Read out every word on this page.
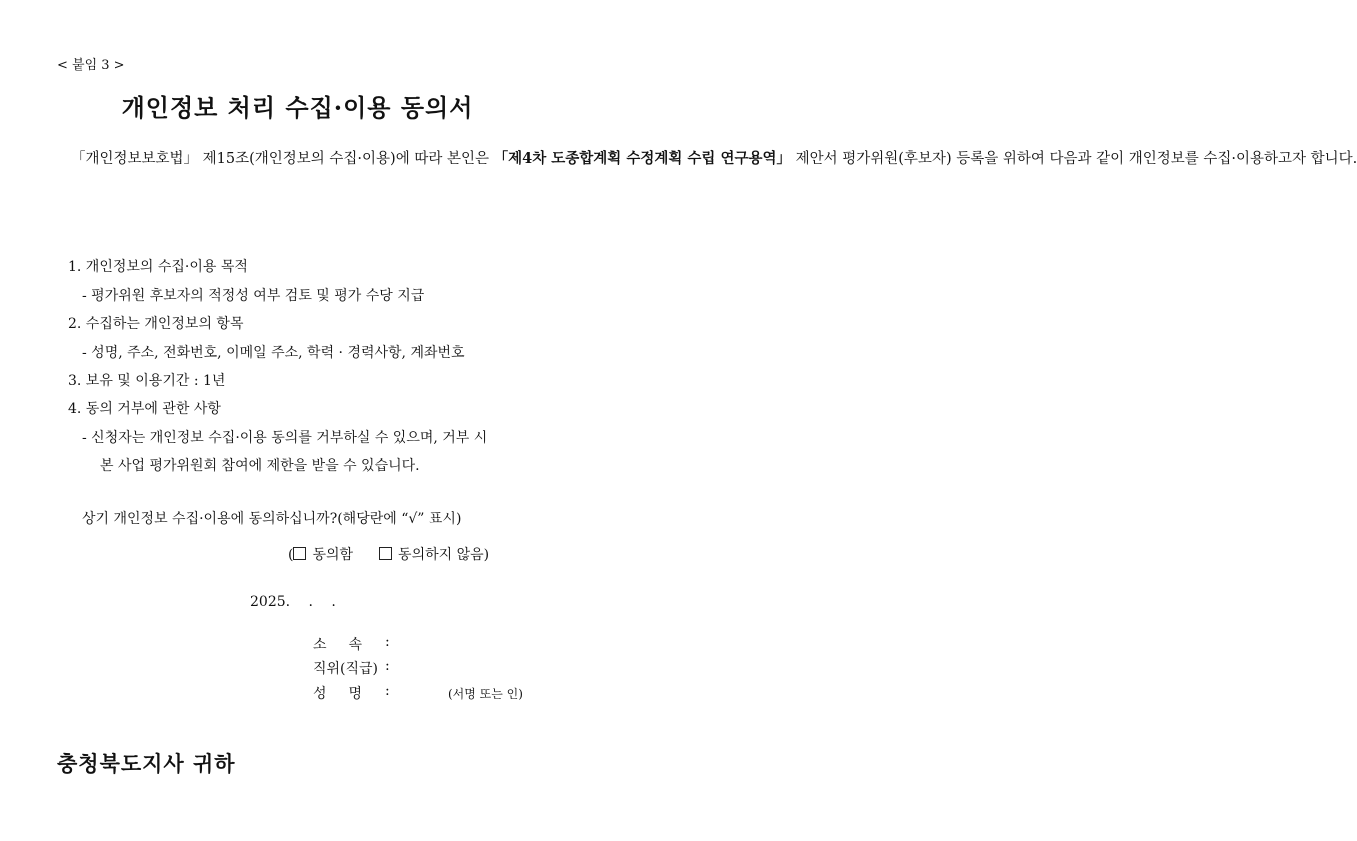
< 붙임 3 >
개인정보 처리 수집·이용 동의서
「개인정보보호법」 제15조(개인정보의 수집·이용)에 따라 본인은 「제4차 도종합계획 수정계획 수립 연구용역」 제안서 평가위원(후보자) 등록을 위하여 다음과 같이 개인정보를 수집·이용하고자 합니다.
1. 개인정보의 수집·이용 목적
- 평가위원 후보자의 적정성 여부 검토 및 평가 수당 지급
2. 수집하는 개인정보의 항목
- 성명, 주소, 전화번호, 이메일 주소, 학력 · 경력사항, 계좌번호
3. 보유 및 이용기간 : 1년
4. 동의 거부에 관한 사항
- 신청자는 개인정보 수집·이용 동의를 거부하실 수 있으며, 거부 시
본 사업 평가위원회 참여에 제한을 받을 수 있습니다.
상기 개인정보 수집·이용에 동의하십니까?(해당란에 “√” 표시)
( 동의함	동의하지 않음)
2025. . .
소속 :
직위(직급) :
성명 :	(서명 또는 인)
충청북도지사 귀하
